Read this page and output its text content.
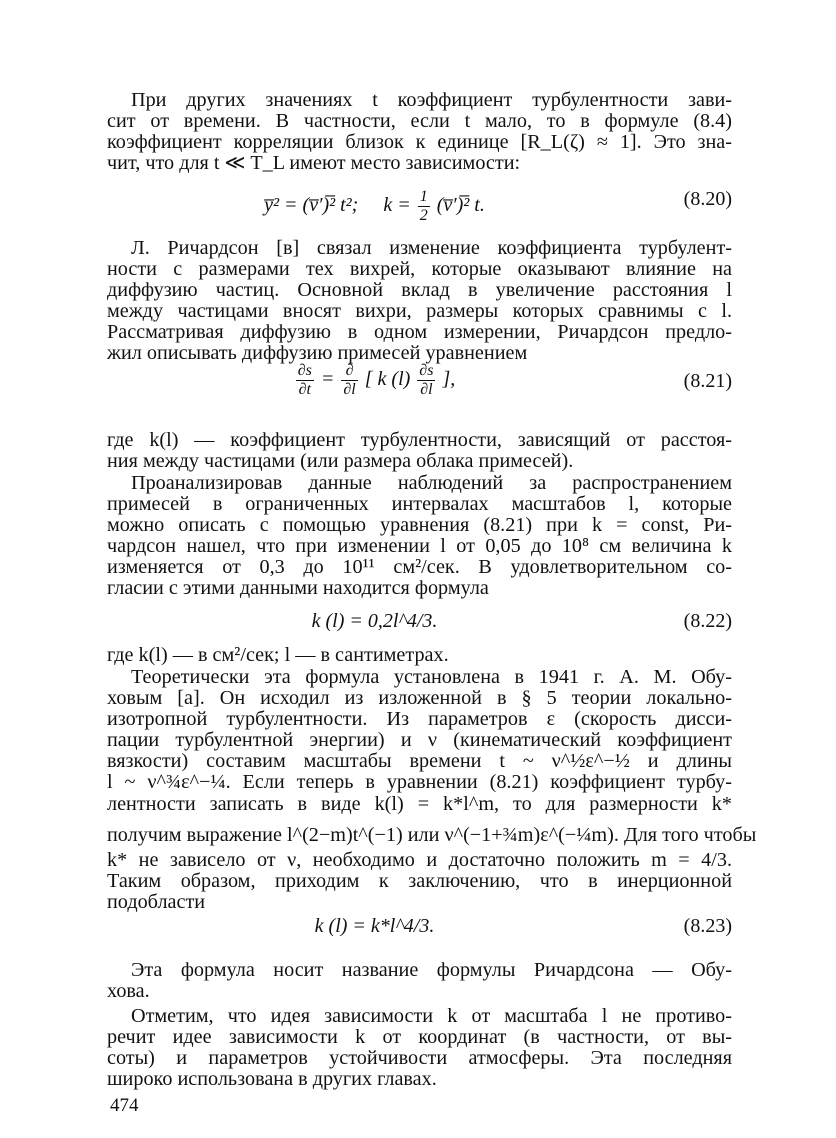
При других значениях t коэффициент турбулентности зави-
сит от времени. В частности, если t мало, то в формуле (8.4)
коэффициент корреляции близок к единице [R_L(ζ) ≈ 1]. Это зна-
чит, что для t ≪ T_L имеют место зависимости:
y̅² = (v̅′)̅² t²; $k = \frac{1}{2}$ (v̅′)̅² t.	(8.20)
Л. Ричардсон [в] связал изменение коэффициента турбулент-
ности с размерами тех вихрей, которые оказывают влияние на
диффузию частиц. Основной вклад в увеличение расстояния l
между частицами вносят вихри, размеры которых сравнимы с l.
Рассматривая диффузию в одном измерении, Ричардсон предло-
жил описывать диффузию примесей уравнением
$\frac{\partial s}{\partial t} = \frac{\partial}{\partial l}$ [ k $(l) \frac{\partial s}{\partial l}$ ],	(8.21)
где k(l) — коэффициент турбулентности, зависящий от расстоя-
ния между частицами (или размера облака примесей).
Проанализировав данные наблюдений за распространением
примесей в ограниченных интервалах масштабов l, которые
можно описать с помощью уравнения (8.21) при k = const, Ри-
чардсон нашел, что при изменении l от 0,05 до 10⁸ см величина k
изменяется от 0,3 до 10¹¹ см²/сек. В удовлетворительном со-
гласии с этими данными находится формула
k (l) = 0,2l^4/3.	(8.22)
где k(l) — в см²/сек; l — в сантиметрах.
Теоретически эта формула установлена в 1941 г. А. М. Обу-
ховым [а]. Он исходил из изложенной в § 5 теории локально-
изотропной турбулентности. Из параметров ε (скорость дисси-
пации турбулентной энергии) и ν (кинематический коэффициент
вязкости) составим масштабы времени t ~ ν^½ε^−½ и длины
l ~ ν^¾ε^−¼. Если теперь в уравнении (8.21) коэффициент турбу-
лентности записать в виде k(l) = k*l^m, то для размерности k*
получим выражение l^(2−m)t^(−1) или ν^(−1+¾m)ε^(−¼m). Для того чтобы
k* не зависело от ν, необходимо и достаточно положить m = 4/3.
Таким образом, приходим к заключению, что в инерционной
подобласти
k (l) = k*l^4/3.	(8.23)
Эта формула носит название формулы Ричардсона — Обу-
хова.
Отметим, что идея зависимости k от масштаба l не противо-
речит идее зависимости k от координат (в частности, от вы-
соты) и параметров устойчивости атмосферы. Эта последняя
широко использована в других главах.
474
